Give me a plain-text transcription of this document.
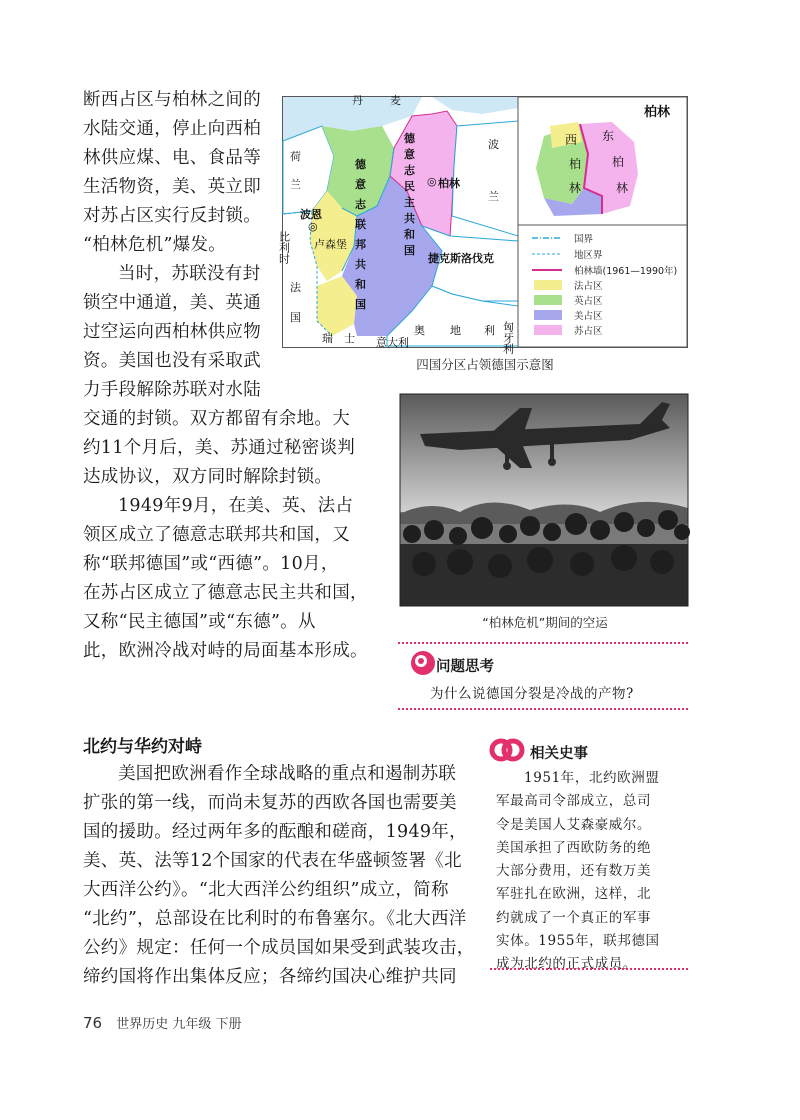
断西占区与柏林之间的

水陆交通，停止向西柏

林供应煤、电、食品等

生活物资，美、英立即

对苏占区实行反封锁。

“柏林危机”爆发。

当时，苏联没有封

锁空中通道，美、英通

过空运向西柏林供应物

资。美国也没有采取武

力手段解除苏联对水陆

交通的封锁。双方都留有余地。大

约11个月后，美、苏通过秘密谈判

达成协议，双方同时解除封锁。

1949年9月，在美、英、法占

领区成立了德意志联邦共和国，又

称“联邦德国”或“西德”。10月，

在苏占区成立了德意志民主共和国，

又称“民主德国”或“东德”。从

此，欧洲冷战对峙的局面基本形成。

丹 麦
荷
兰
波
兰
波恩
◎
◎ 柏林
卢森堡
比利时
法
国
瑞 士 意大利
奥 地 利 匈牙利
捷克斯洛伐克
德
意
志
联
邦
共
和
国
德
意
志
民
主
共
和
国
柏林
西
柏
林
东
柏
林
国界
地区界
柏林墙(1961—1990年)
法占区
英占区
美占区
苏占区
四国分区占领德国示意图
“柏林危机”期间的空运
问题思考
为什么说德国分裂是冷战的产物?
北约与华约对峙

美国把欧洲看作全球战略的重点和遏制苏联

扩张的第一线，而尚未复苏的西欧各国也需要美

国的援助。经过两年多的酝酿和磋商，1949年，

美、英、法等12个国家的代表在华盛顿签署《北

大西洋公约》。“北大西洋公约组织”成立，简称

“北约”，总部设在比利时的布鲁塞尔。《北大西洋

公约》规定：任何一个成员国如果受到武装攻击，

缔约国将作出集体反应；各缔约国决心维护共同

相关史事

1951年，北约欧洲盟

军最高司令部成立，总司

令是美国人艾森豪威尔。

美国承担了西欧防务的绝

大部分费用，还有数万美

军驻扎在欧洲，这样，北

约就成了一个真正的军事

实体。1955年，联邦德国

成为北约的正式成员。

76 世界历史 九年级 下册
